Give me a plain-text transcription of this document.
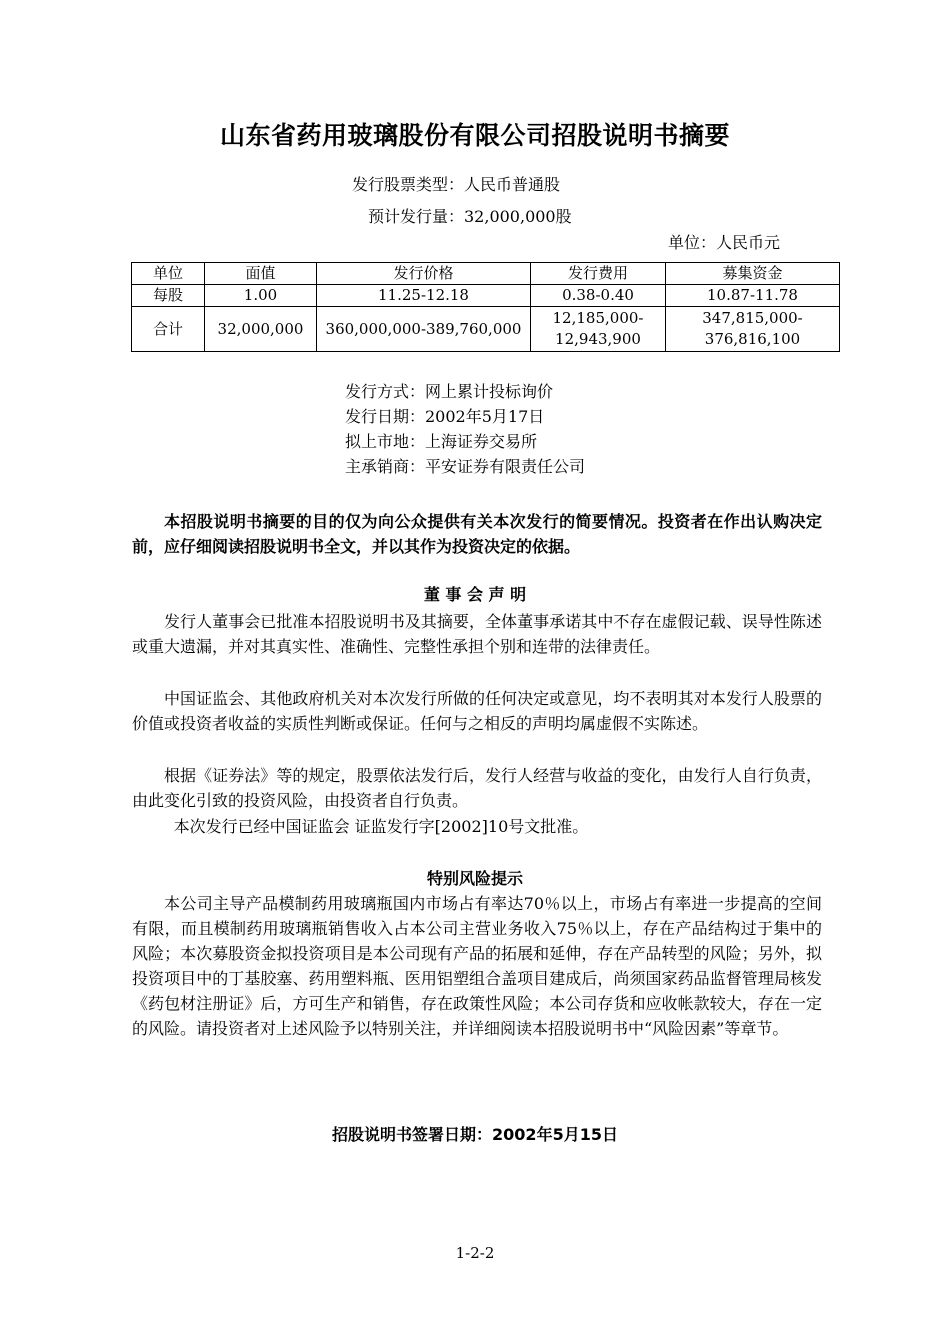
山东省药用玻璃股份有限公司招股说明书摘要
发行股票类型：人民币普通股
预计发行量：32,000,000股
单位：人民币元
单位	面值	发行价格	发行费用	募集资金
每股	1.00	11.25-12.18	0.38-0.40	10.87-11.78
合计	32,000,000	360,000,000-389,760,000	12,185,000-12,943,900	347,815,000-376,816,100
发行方式：网上累计投标询价
发行日期：2002年5月17日
拟上市地：上海证券交易所
主承销商：平安证券有限责任公司

本招股说明书摘要的目的仅为向公众提供有关本次发行的简要情况。投资者在作出认购决定前，应仔细阅读招股说明书全文，并以其作为投资决定的依据。

董 事 会 声 明

发行人董事会已批准本招股说明书及其摘要，全体董事承诺其中不存在虚假记载、误导性陈述或重大遗漏，并对其真实性、准确性、完整性承担个别和连带的法律责任。

中国证监会、其他政府机关对本次发行所做的任何决定或意见，均不表明其对本发行人股票的价值或投资者收益的实质性判断或保证。任何与之相反的声明均属虚假不实陈述。

根据《证券法》等的规定，股票依法发行后，发行人经营与收益的变化，由发行人自行负责，由此变化引致的投资风险，由投资者自行负责。

本次发行已经中国证监会 证监发行字[2002]10号文批准。

特别风险提示

本公司主导产品模制药用玻璃瓶国内市场占有率达70％以上，市场占有率进一步提高的空间有限，而且模制药用玻璃瓶销售收入占本公司主营业务收入75％以上，存在产品结构过于集中的风险；本次募股资金拟投资项目是本公司现有产品的拓展和延伸，存在产品转型的风险；另外，拟投资项目中的丁基胶塞、药用塑料瓶、医用铝塑组合盖项目建成后，尚须国家药品监督管理局核发《药包材注册证》后，方可生产和销售，存在政策性风险；本公司存货和应收帐款较大，存在一定的风险。请投资者对上述风险予以特别关注，并详细阅读本招股说明书中“风险因素”等章节。

招股说明书签署日期：2002年5月15日
1-2-2
